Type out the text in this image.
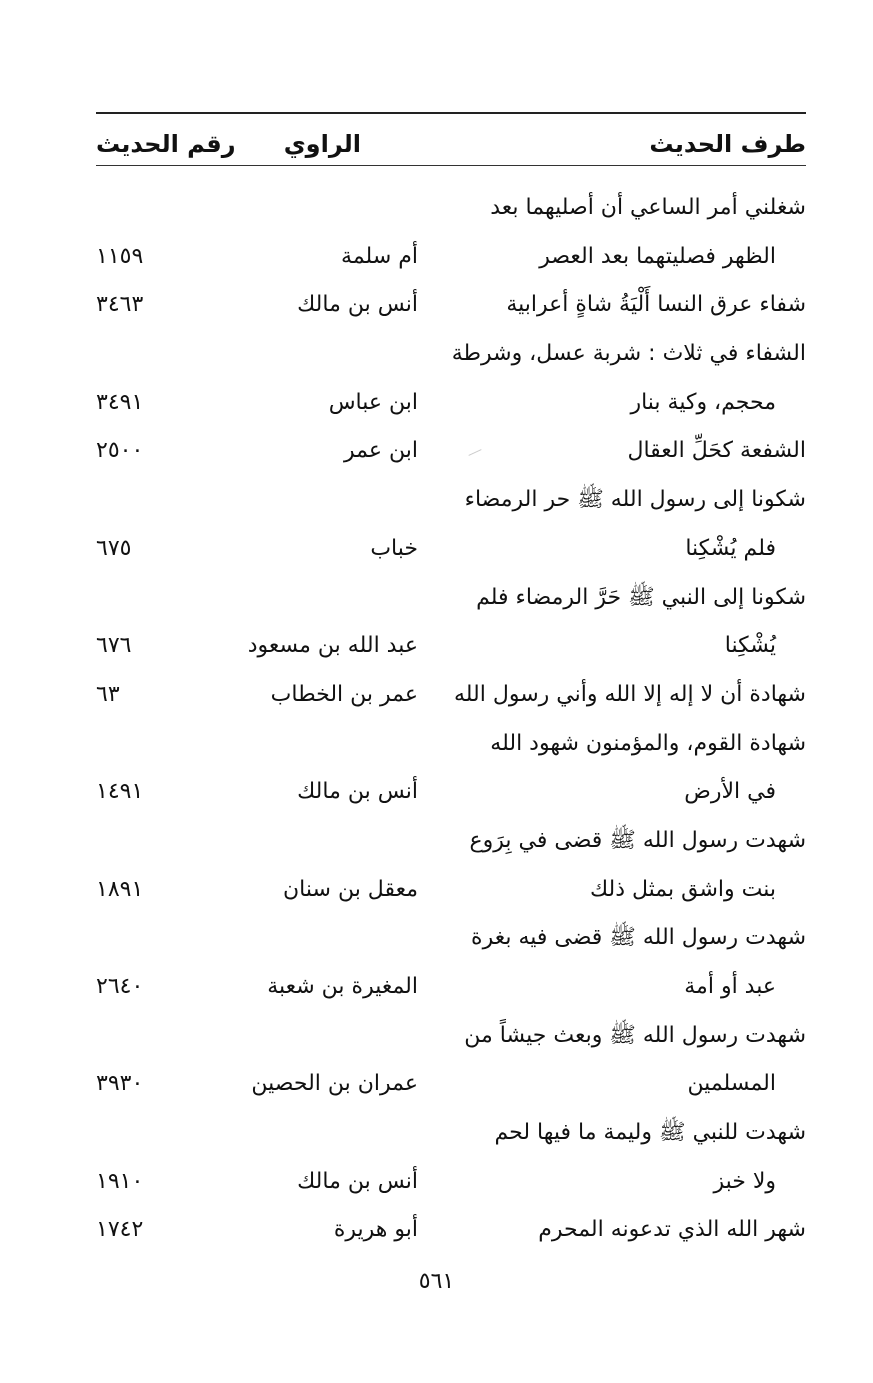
طرف الحديث
الراوي
رقم الحديث
شغلني أمر الساعي أن أصليهما بعد
الظهر فصليتهما بعد العصر
أم سلمة
١١٥٩
شفاء عرق النسا أَلْيَةُ شاةٍ أعرابية
أنس بن مالك
٣٤٦٣
الشفاء في ثلاث : شربة عسل، وشرطة
محجم، وكية بنار
ابن عباس
٣٤٩١
الشفعة كحَلِّ العقال
ابن عمر
٢٥٠٠
شكونا إلى رسول الله ﷺ حر الرمضاء
فلم يُشْكِنا
خباب
٦٧٥
شكونا إلى النبي ﷺ حَرَّ الرمضاء فلم
يُشْكِنا
عبد الله بن مسعود
٦٧٦
شهادة أن لا إله إلا الله وأني رسول الله
عمر بن الخطاب
٦٣
شهادة القوم، والمؤمنون شهود الله
في الأرض
أنس بن مالك
١٤٩١
شهدت رسول الله ﷺ قضى في بِرَوع
بنت واشق بمثل ذلك
معقل بن سنان
١٨٩١
شهدت رسول الله ﷺ قضى فيه بغرة
عبد أو أمة
المغيرة بن شعبة
٢٦٤٠
شهدت رسول الله ﷺ وبعث جيشاً من
المسلمين
عمران بن الحصين
٣٩٣٠
شهدت للنبي ﷺ وليمة ما فيها لحم
ولا خبز
أنس بن مالك
١٩١٠
شهر الله الذي تدعونه المحرم
أبو هريرة
١٧٤٢
٥٦١
